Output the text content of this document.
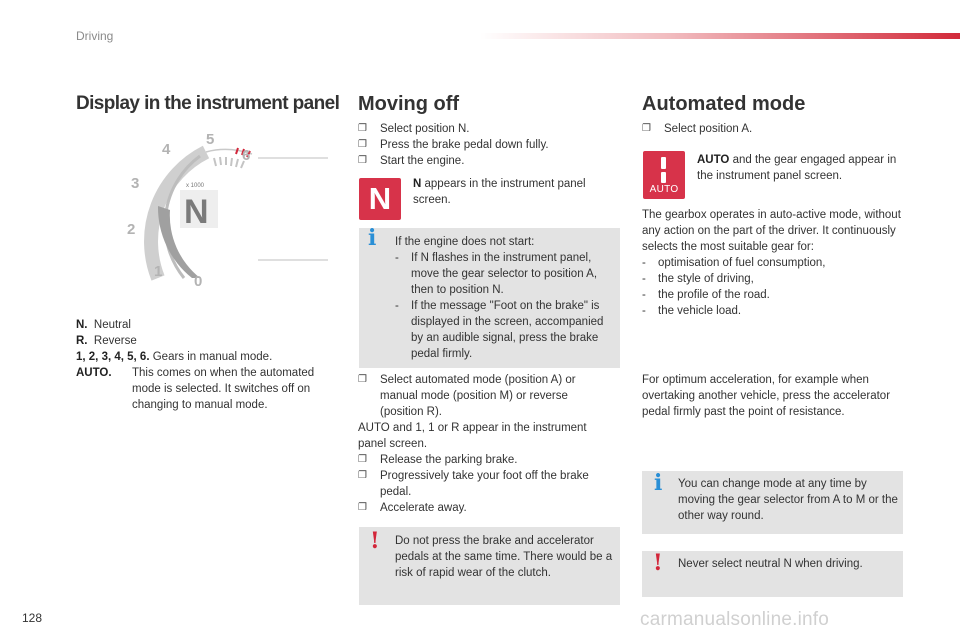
Driving
Display in the instrument panel
1
2
3
4
5
6
0
x 1000
N
N. Neutral
R. Reverse
1, 2, 3, 4, 5, 6. Gears in manual mode.
AUTO. This comes on when the automated mode is selected. It switches off on changing to manual mode.
Moving off
❐ Select position N.
❐ Press the brake pedal down fully.
❐ Start the engine.
N	N appears in the instrument panel screen.
i If the engine does not start:
- If N flashes in the instrument panel, move the gear selector to position A, then to position N.
- If the message "Foot on the brake" is displayed in the screen, accompanied by an audible signal, press the brake pedal firmly.
❐ Select automated mode (position A) or manual mode (position M) or reverse (position R).
AUTO and 1, 1 or R appear in the instrument panel screen.
❐ Release the parking brake.
❐ Progressively take your foot off the brake pedal.
❐ Accelerate away.
! Do not press the brake and accelerator pedals at the same time. There would be a risk of rapid wear of the clutch.
Automated mode
❐ Select position A.
AUTO
AUTO and the gear engaged appear in the instrument panel screen.
The gearbox operates in auto-active mode, without any action on the part of the driver. It continuously selects the most suitable gear for:
- optimisation of fuel consumption,
- the style of driving,
- the profile of the road.
- the vehicle load.
For optimum acceleration, for example when overtaking another vehicle, press the accelerator pedal firmly past the point of resistance.
i You can change mode at any time by moving the gear selector from A to M or the other way round.
! Never select neutral N when driving.
128	carmanualsonline.info
